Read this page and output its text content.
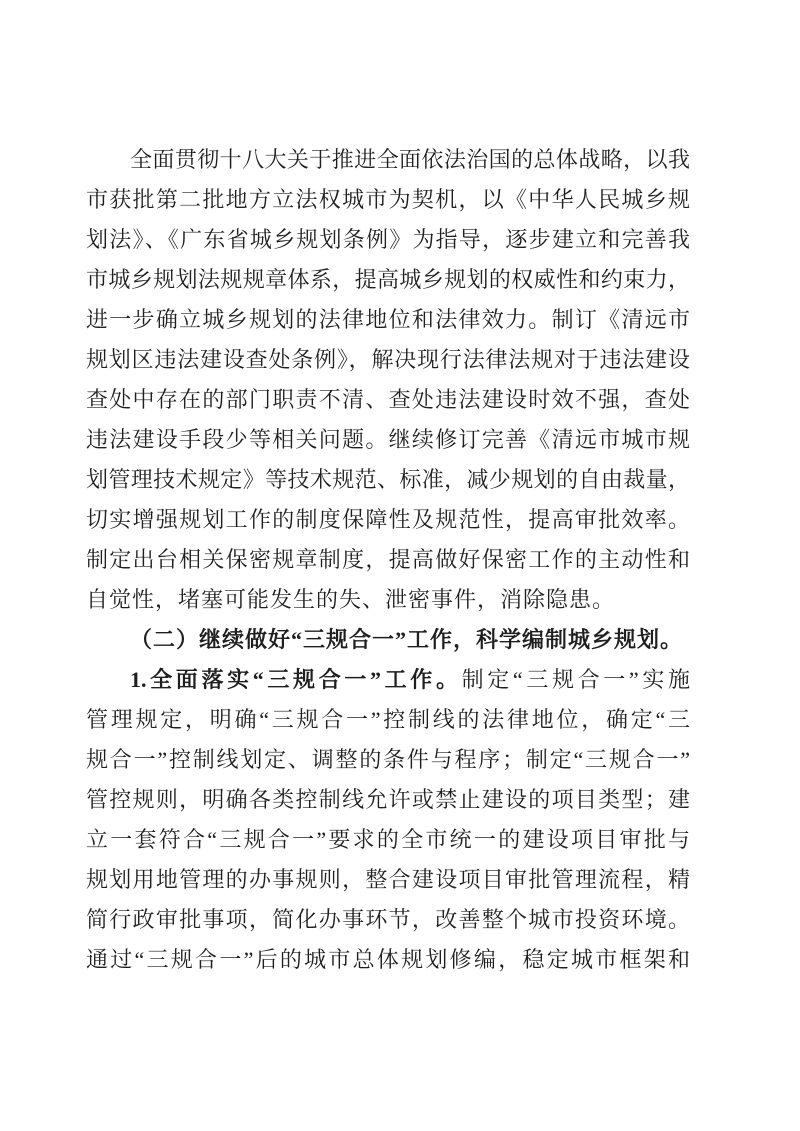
全面贯彻十八大关于推进全面依法治国的总体战略，以我
市获批第二批地方立法权城市为契机，以《中华人民城乡规
划法》、《广东省城乡规划条例》为指导，逐步建立和完善我
市城乡规划法规规章体系，提高城乡规划的权威性和约束力，
进一步确立城乡规划的法律地位和法律效力。制订《清远市
规划区违法建设查处条例》，解决现行法律法规对于违法建设
查处中存在的部门职责不清、查处违法建设时效不强，查处
违法建设手段少等相关问题。继续修订完善《清远市城市规
划管理技术规定》等技术规范、标准，减少规划的自由裁量，
切实增强规划工作的制度保障性及规范性，提高审批效率。
制定出台相关保密规章制度，提高做好保密工作的主动性和
自觉性，堵塞可能发生的失、泄密事件，消除隐患。
（二）继续做好“三规合一”工作，科学编制城乡规划。
1.全面落实“三规合一”工作。制定“三规合一”实施
管理规定，明确“三规合一”控制线的法律地位，确定“三
规合一”控制线划定、调整的条件与程序；制定“三规合一”
管控规则，明确各类控制线允许或禁止建设的项目类型；建
立一套符合“三规合一”要求的全市统一的建设项目审批与
规划用地管理的办事规则，整合建设项目审批管理流程，精
简行政审批事项，简化办事环节，改善整个城市投资环境。
通过“三规合一”后的城市总体规划修编，稳定城市框架和
